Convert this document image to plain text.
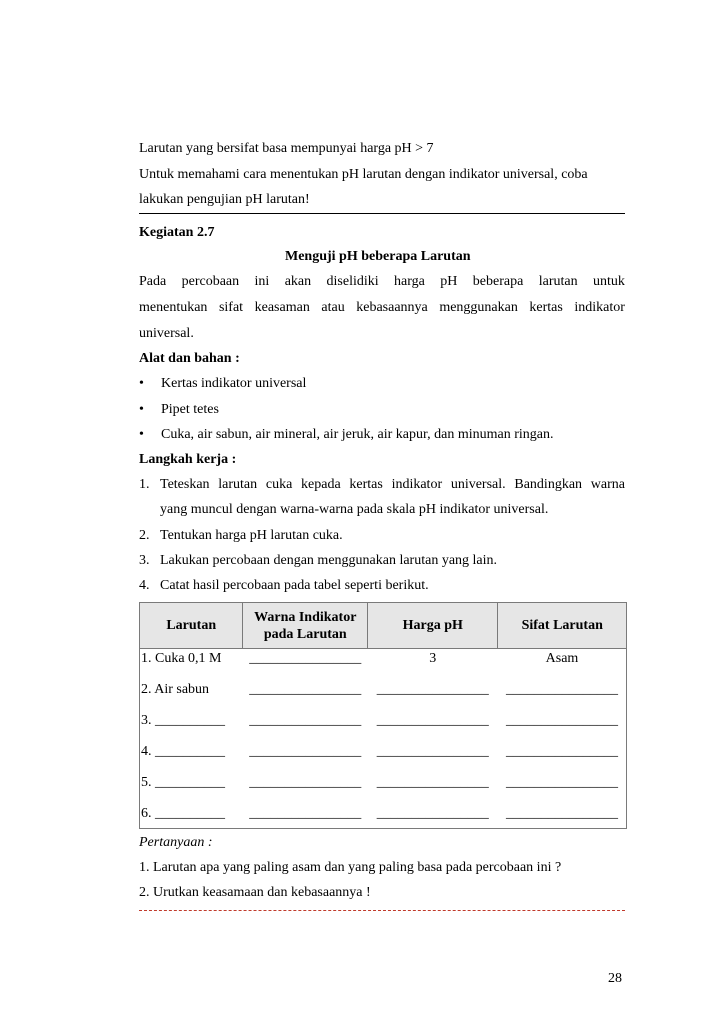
Larutan yang bersifat basa mempunyai harga pH > 7
Untuk memahami cara menentukan pH larutan dengan indikator universal, coba
lakukan pengujian pH larutan!
Kegiatan 2.7
Menguji pH beberapa Larutan
Pada percobaan ini akan diselidiki harga pH beberapa larutan untuk
menentukan sifat keasaman atau kebasaannya menggunakan kertas indikator
universal.
Alat dan bahan :
• Kertas indikator universal
• Pipet tetes
• Cuka, air sabun, air mineral, air jeruk, air kapur, dan minuman ringan.
Langkah kerja :
1. Teteskan larutan cuka kepada kertas indikator universal. Bandingkan warna
yang muncul dengan warna-warna pada skala pH indikator universal.
2. Tentukan harga pH larutan cuka.
3. Lakukan percobaan dengan menggunakan larutan yang lain.
4. Catat hasil percobaan pada tabel seperti berikut.
Larutan	Warna Indikator
pada Larutan	Harga pH	Sifat Larutan

1. Cuka 0,1 M	________________	3	Asam

2. Air sabun	________________	________________	________________

3. __________	________________	________________	________________

4. __________	________________	________________	________________

5. __________	________________	________________	________________

6. __________	________________	________________	________________
Pertanyaan :
1. Larutan apa yang paling asam dan yang paling basa pada percobaan ini ?
2. Urutkan keasamaan dan kebasaannya !
28
